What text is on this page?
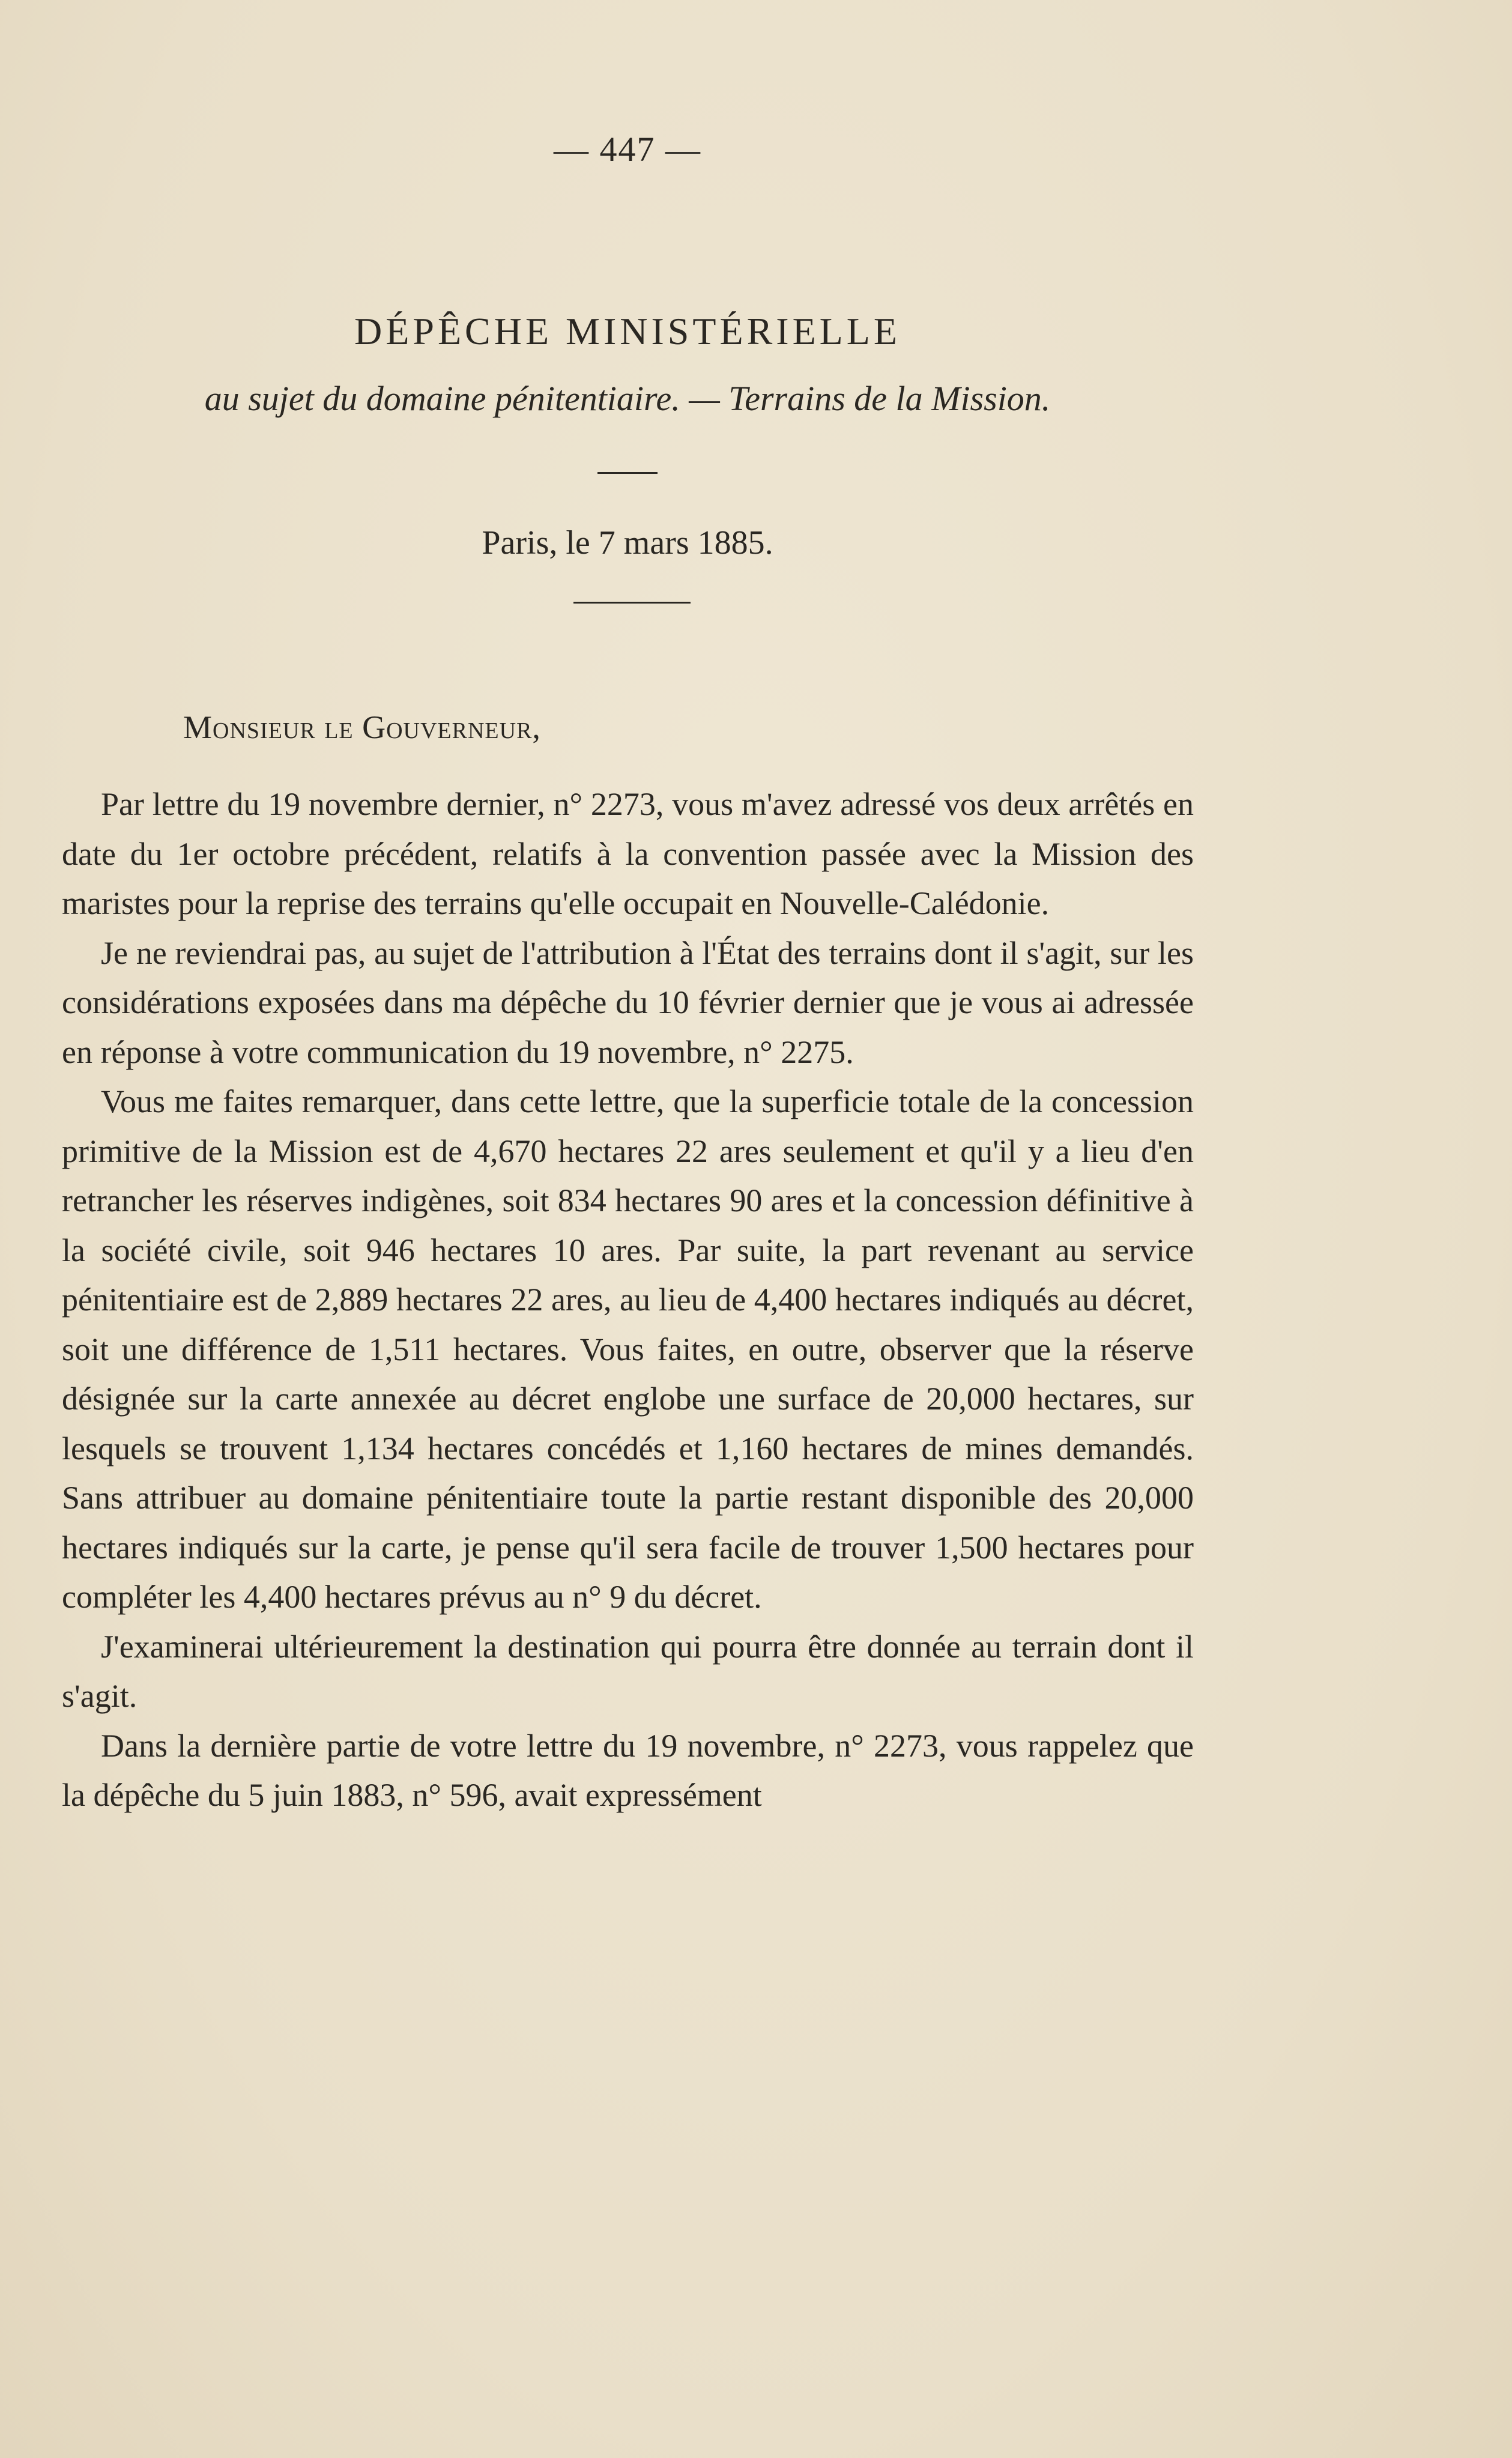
— 447 —
DÉPÊCHE MINISTÉRIELLE
au sujet du domaine pénitentiaire. — Terrains de la Mission.
Paris, le 7 mars 1885.
Monsieur le Gouverneur,

Par lettre du 19 novembre dernier, n° 2273, vous m'avez adressé vos deux arrêtés en date du 1er octobre précédent, relatifs à la convention passée avec la Mission des maristes pour la reprise des terrains qu'elle occupait en Nouvelle-Calédonie.

Je ne reviendrai pas, au sujet de l'attribution à l'État des terrains dont il s'agit, sur les considérations exposées dans ma dépêche du 10 février dernier que je vous ai adressée en réponse à votre communication du 19 novembre, n° 2275.

Vous me faites remarquer, dans cette lettre, que la superficie totale de la concession primitive de la Mission est de 4,670 hectares 22 ares seulement et qu'il y a lieu d'en retrancher les réserves indigènes, soit 834 hectares 90 ares et la concession définitive à la société civile, soit 946 hectares 10 ares. Par suite, la part revenant au service pénitentiaire est de 2,889 hectares 22 ares, au lieu de 4,400 hectares indiqués au décret, soit une différence de 1,511 hectares. Vous faites, en outre, observer que la réserve désignée sur la carte annexée au décret englobe une surface de 20,000 hectares, sur lesquels se trouvent 1,134 hectares concédés et 1,160 hectares de mines demandés. Sans attribuer au domaine pénitentiaire toute la partie restant disponible des 20,000 hectares indiqués sur la carte, je pense qu'il sera facile de trouver 1,500 hectares pour compléter les 4,400 hectares prévus au n° 9 du décret.

J'examinerai ultérieurement la destination qui pourra être donnée au terrain dont il s'agit.

Dans la dernière partie de votre lettre du 19 novembre, n° 2273, vous rappelez que la dépêche du 5 juin 1883, n° 596, avait expressément
